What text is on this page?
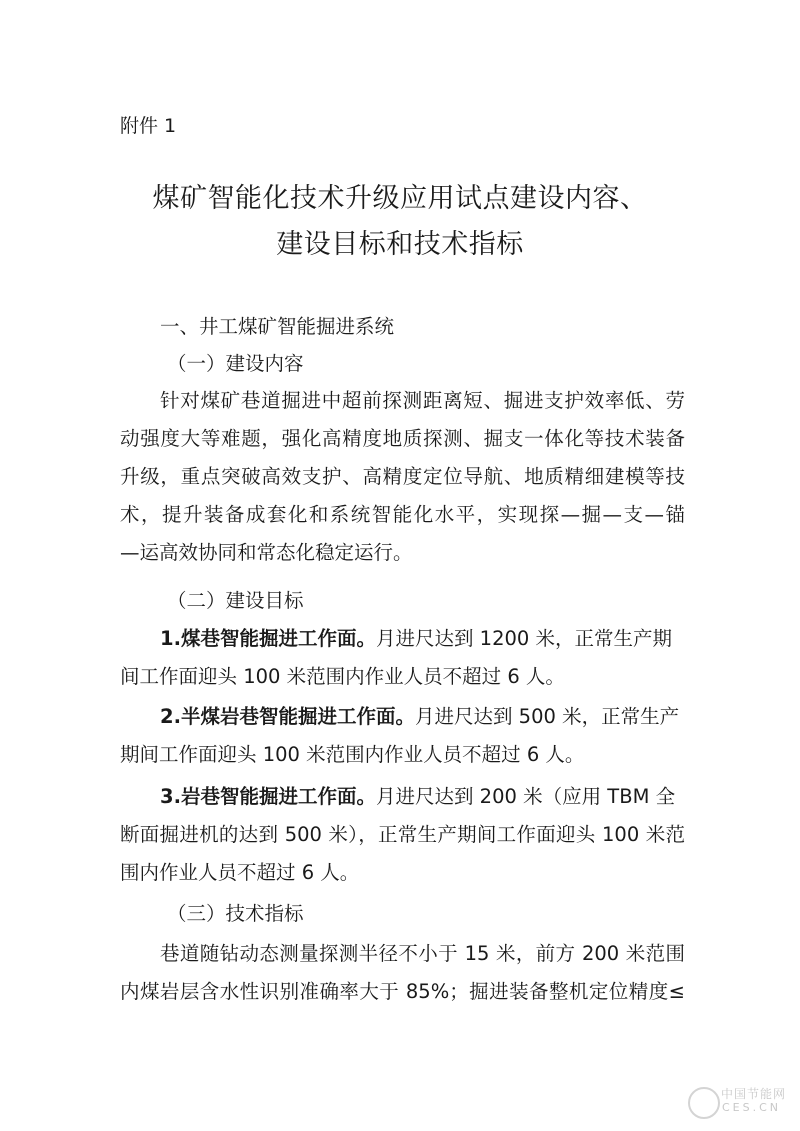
附件 1
煤矿智能化技术升级应用试点建设内容、
建设目标和技术指标
一、井工煤矿智能掘进系统
（一）建设内容
针对煤矿巷道掘进中超前探测距离短、掘进支护效率低、劳
动强度大等难题，强化高精度地质探测、掘支一体化等技术装备
升级，重点突破高效支护、高精度定位导航、地质精细建模等技
术，提升装备成套化和系统智能化水平，实现探—掘—支—锚
—运高效协同和常态化稳定运行。
（二）建设目标
1.煤巷智能掘进工作面。月进尺达到 1200 米，正常生产期
间工作面迎头 100 米范围内作业人员不超过 6 人。
2.半煤岩巷智能掘进工作面。月进尺达到 500 米，正常生产
期间工作面迎头 100 米范围内作业人员不超过 6 人。
3.岩巷智能掘进工作面。月进尺达到 200 米（应用 TBM 全
断面掘进机的达到 500 米），正常生产期间工作面迎头 100 米范
围内作业人员不超过 6 人。
（三）技术指标
巷道随钻动态测量探测半径不小于 15 米，前方 200 米范围
内煤岩层含水性识别准确率大于 85%；掘进装备整机定位精度≤
中国节能网
CES.CN
